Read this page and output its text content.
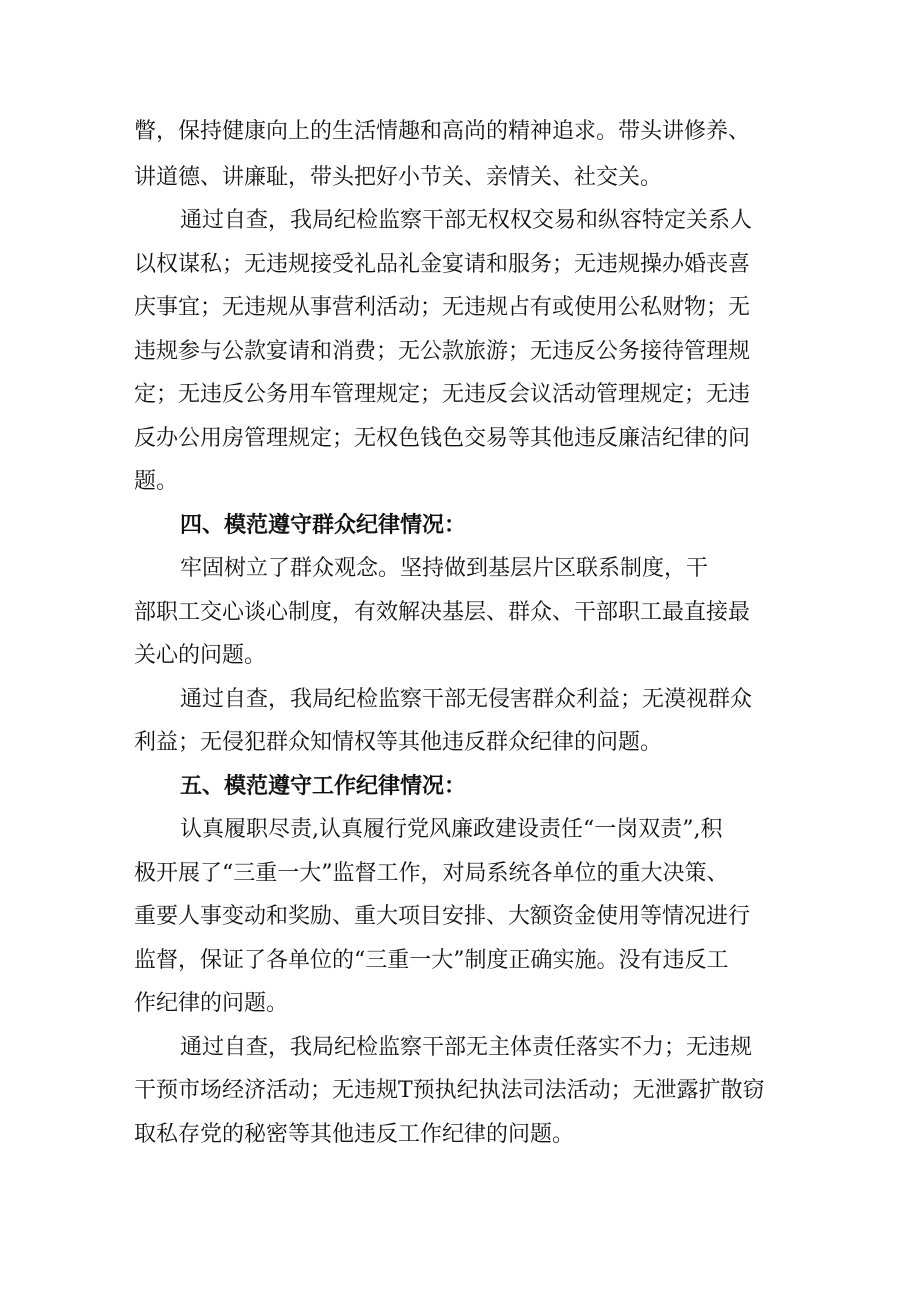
瞥，保持健康向上的生活情趣和高尚的精神追求。带头讲修养、
讲道德、讲廉耻，带头把好小节关、亲情关、社交关。
通过自查，我局纪检监察干部无权权交易和纵容特定关系人
以权谋私；无违规接受礼品礼金宴请和服务；无违规操办婚丧喜
庆事宜；无违规从事营利活动；无违规占有或使用公私财物；无
违规参与公款宴请和消费；无公款旅游；无违反公务接待管理规
定；无违反公务用车管理规定；无违反会议活动管理规定；无违
反办公用房管理规定；无权色钱色交易等其他违反廉洁纪律的问
题。
四、模范遵守群众纪律情况：
牢固树立了群众观念。坚持做到基层片区联系制度，干
部职工交心谈心制度，有效解决基层、群众、干部职工最直接最
关心的问题。
通过自查，我局纪检监察干部无侵害群众利益；无漠视群众
利益；无侵犯群众知情权等其他违反群众纪律的问题。
五、模范遵守工作纪律情况：
认真履职尽责,认真履行党风廉政建设责任“一岗双责”,积
极开展了“三重一大”监督工作，对局系统各单位的重大决策、
重要人事变动和奖励、重大项目安排、大额资金使用等情况进行
监督，保证了各单位的“三重一大”制度正确实施。没有违反工
作纪律的问题。
通过自查，我局纪检监察干部无主体责任落实不力；无违规
干预市场经济活动；无违规T预执纪执法司法活动；无泄露扩散窃
取私存党的秘密等其他违反工作纪律的问题。
